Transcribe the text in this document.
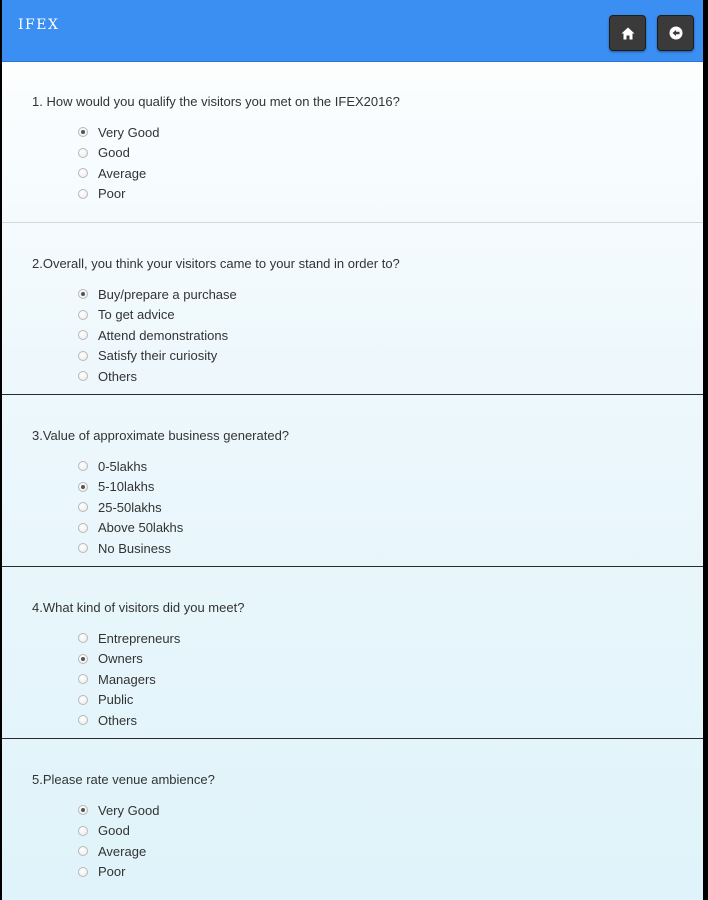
IFEX

1. How would you qualify the visitors you met on the IFEX2016?

Very Good
Good
Average
Poor

2.Overall, you think your visitors came to your stand in order to?

Buy/prepare a purchase
To get advice
Attend demonstrations
Satisfy their curiosity
Others

3.Value of approximate business generated?

0-5lakhs
5-10lakhs
25-50lakhs
Above 50lakhs
No Business

4.What kind of visitors did you meet?

Entrepreneurs
Owners
Managers
Public
Others

5.Please rate venue ambience?

Very Good
Good
Average
Poor
